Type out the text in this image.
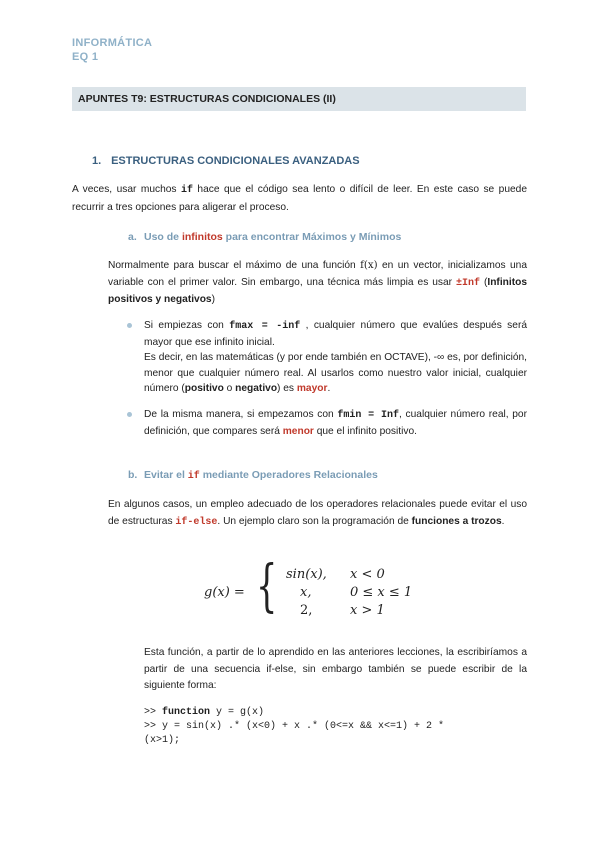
INFORMÁTICA
EQ 1
APUNTES T9: ESTRUCTURAS CONDICIONALES (II)
1. ESTRUCTURAS CONDICIONALES AVANZADAS
A veces, usar muchos if hace que el código sea lento o difícil de leer. En este caso se puede recurrir a tres opciones para aligerar el proceso.
a. Uso de infinitos para encontrar Máximos y Mínimos
Normalmente para buscar el máximo de una función f(x) en un vector, inicializamos una variable con el primer valor. Sin embargo, una técnica más limpia es usar ±Inf (Infinitos positivos y negativos)
Si empiezas con fmax = -inf , cualquier número que evalúes después será mayor que ese infinito inicial.
Es decir, en las matemáticas (y por ende también en OCTAVE), -∞ es, por definición, menor que cualquier número real. Al usarlos como nuestro valor inicial, cualquier número (positivo o negativo) es mayor.
De la misma manera, si empezamos con fmin = Inf, cualquier número real, por definición, que compares será menor que el infinito positivo.
b. Evitar el if mediante Operadores Relacionales
En algunos casos, un empleo adecuado de los operadores relacionales puede evitar el uso de estructuras if-else. Un ejemplo claro son la programación de funciones a trozos.
g(x) = { sin(x), x < 0
x,	0 ≤ x ≤ 1
2,	x > 1
Esta función, a partir de lo aprendido en las anteriores lecciones, la escribiríamos a partir de una secuencia if-else, sin embargo también se puede escribir de la siguiente forma:
>> function y = g(x)
>> y = sin(x) .* (x<0) + x .* (0<=x && x<=1) + 2 *
(x>1);
